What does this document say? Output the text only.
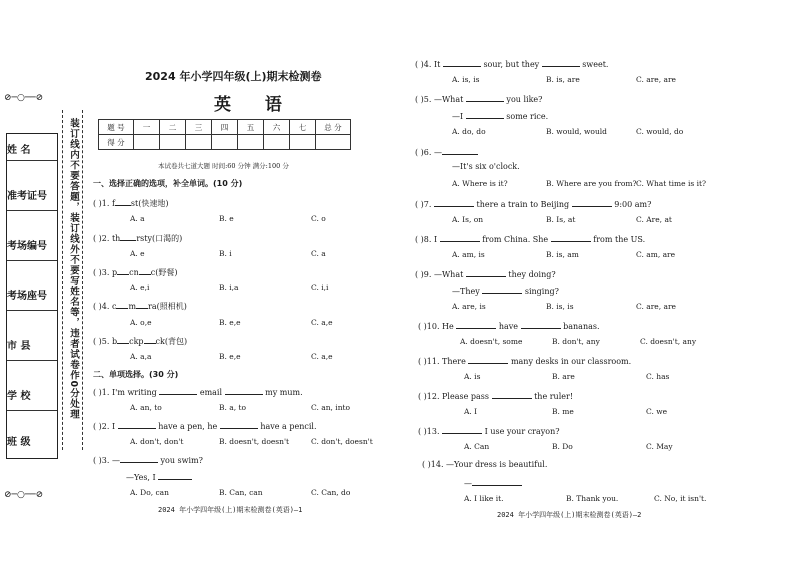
⊘─○──⊘
⊘─○──⊘
姓 名
准考证号
考场编号
考场座号
市 县
学 校
班 级
装订线内不要答题，装订线外不要写姓名等，违者试卷作0分处理
2024 年小学四年级(上)期末检测卷
英 语
题 号	一	二	三	四	五	六	七	总 分
得 分								
本试卷共七道大题 时间:60 分钟 满分:100 分
一、选择正确的选项，补全单词。(10 分)
( )1. f st(快速地)
A. a	B. e	C. o
( )2. th rsty(口渴的)
A. e	B. i	C. a
( )3. p cn c(野餐)
A. e,i	B. i,a	C. i,i
( )4. c m ra(照相机)
A. o,e	B. e,e	C. a,e
( )5. b ckp ck(背包)
A. a,a	B. e,e	C. a,e
二、单项选择。(30 分)
( )1. I'm writing	email	my mum.
A. an, to	B. a, to	C. an, into
( )2. I	have a pen, he	have a pencil.
A. don't, don't	B. doesn't, doesn't	C. don't, doesn't
( )3. —	you swim?
—Yes, I
A. Do, can	B. Can, can	C. Can, do
2024 年小学四年级(上)期末检测卷(英语)—1
( )4. It	sour, but they	sweet.
A. is, is	B. is, are	C. are, are
( )5. —What	you like?
—I	some rice.
A. do, do	B. would, would	C. would, do
( )6. —
—It's six o'clock.
A. Where is it?	B. Where are you from? C. What time is it?
( )7.	there a train to Beijing	9:00 am?
A. Is, on	B. Is, at	C. Are, at
( )8. I	from China. She	from the US.
A. am, is	B. is, am	C. am, are
( )9. —What	they doing?
—They	singing?
A. are, is	B. is, is	C. are, are
( )10. He	have	bananas.
A. doesn't, some	B. don't, any	C. doesn't, any
( )11. There	many desks in our classroom.
A. is	B. are	C. has
( )12. Please pass	the ruler!
A. I	B. me	C. we
( )13.	I use your crayon?
A. Can	B. Do	C. May
( )14. —Your dress is beautiful.
—
A. I like it.	B. Thank you.	C. No, it isn't.
2024 年小学四年级(上)期末检测卷(英语)—2
